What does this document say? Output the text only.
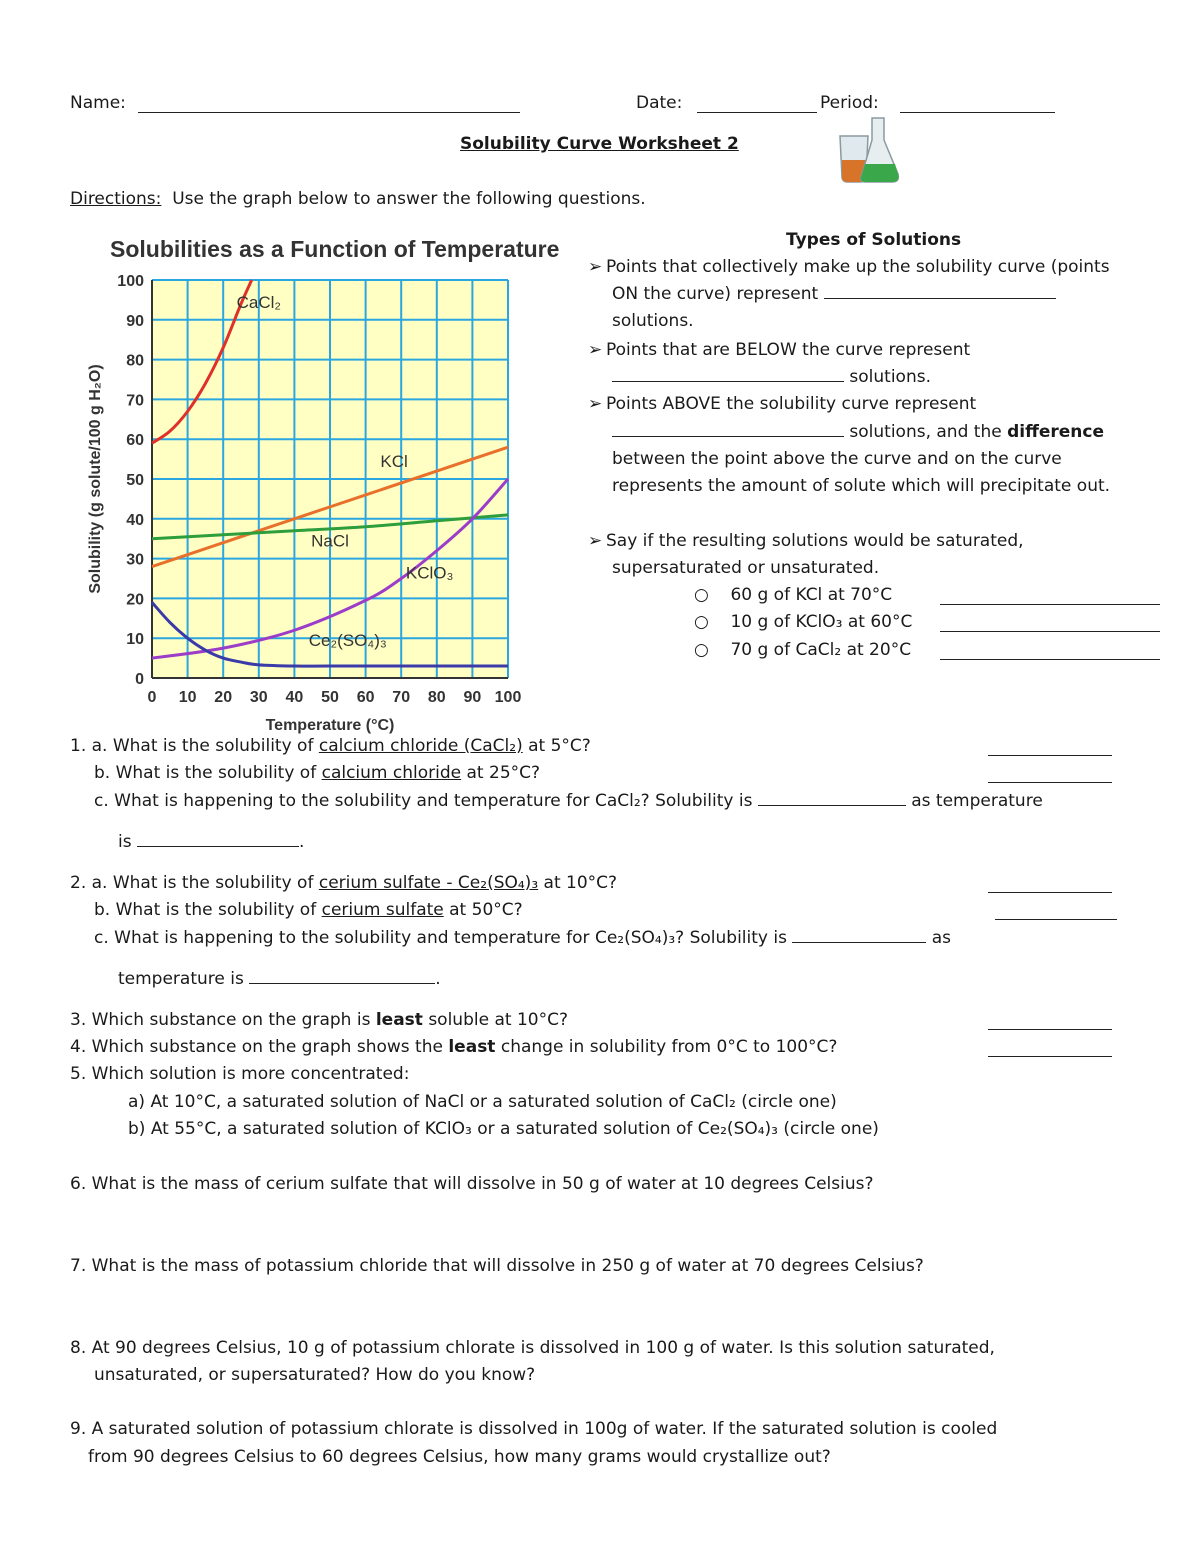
Name:	Date:	Period:
Solubility Curve Worksheet 2
Directions: Use the graph below to answer the following questions.
Solubilities as a Function of Temperature
0 10 20 30 40 50 60 70 80 90 100
0
10
20
30
40
50
60
70
80
90
100
CaCl₂
KCl
NaCl
KClO₃
Ce₂(SO₄)₃
Temperature (°C)
Solubility (g solute/100 g H₂O)
Types of Solutions
➢ Points that collectively make up the solubility curve (points
ON the curve) represent
solutions.
➢ Points that are BELOW the curve represent
solutions.
➢ Points ABOVE the solubility curve represent
solutions, and the difference
between the point above the curve and on the curve
represents the amount of solute which will precipitate out.
➢ Say if the resulting solutions would be saturated,
supersaturated or unsaturated.
○    60 g of KCl at 70°C
○    10 g of KClO₃ at 60°C
○    70 g of CaCl₂ at 20°C
1. a. What is the solubility of calcium chloride (CaCl₂) at 5°C?
b. What is the solubility of calcium chloride at 25°C?
c. What is happening to the solubility and temperature for CaCl₂? Solubility is	as temperature
is	.
2. a. What is the solubility of cerium sulfate - Ce₂(SO₄)₃ at 10°C?
b. What is the solubility of cerium sulfate at 50°C?
c. What is happening to the solubility and temperature for Ce₂(SO₄)₃? Solubility is	as
temperature is	.
3. Which substance on the graph is least soluble at 10°C?
4. Which substance on the graph shows the least change in solubility from 0°C to 100°C?
5. Which solution is more concentrated:
a) At 10°C, a saturated solution of NaCl or a saturated solution of CaCl₂ (circle one)
b) At 55°C, a saturated solution of KClO₃ or a saturated solution of Ce₂(SO₄)₃ (circle one)
6. What is the mass of cerium sulfate that will dissolve in 50 g of water at 10 degrees Celsius?
7. What is the mass of potassium chloride that will dissolve in 250 g of water at 70 degrees Celsius?
8. At 90 degrees Celsius, 10 g of potassium chlorate is dissolved in 100 g of water. Is this solution saturated,
unsaturated, or supersaturated? How do you know?
9. A saturated solution of potassium chlorate is dissolved in 100g of water. If the saturated solution is cooled
from 90 degrees Celsius to 60 degrees Celsius, how many grams would crystallize out?
